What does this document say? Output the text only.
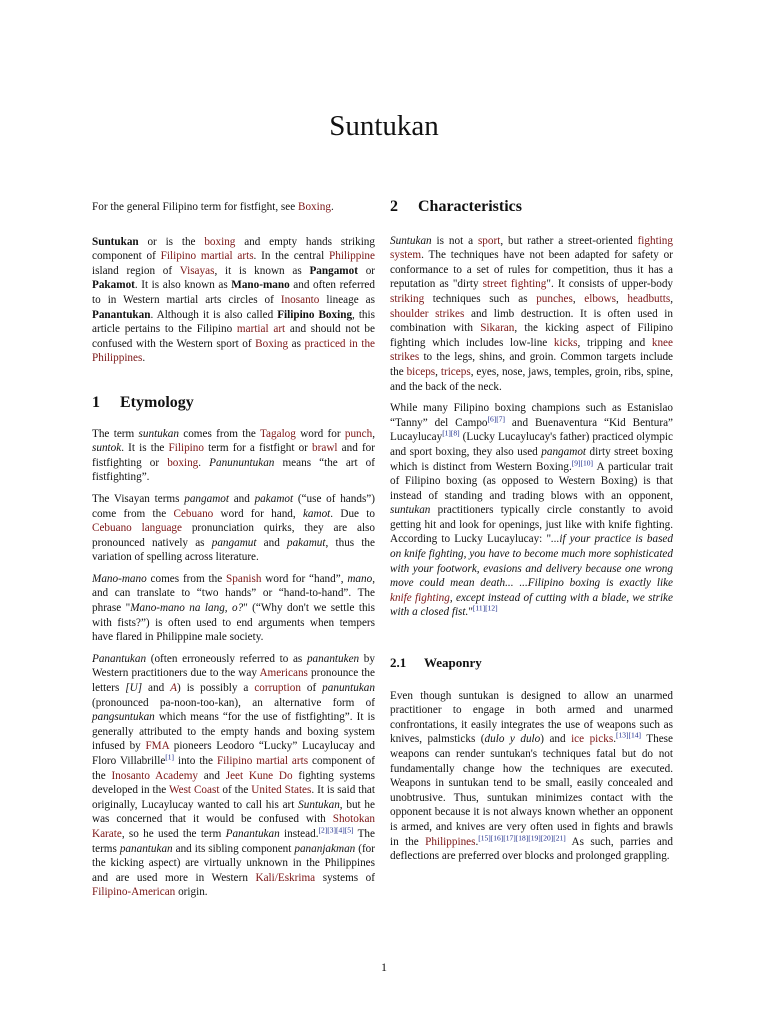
Suntukan

For the general Filipino term for fistfight, see Boxing.

Suntukan or is the boxing and empty hands striking component of Filipino martial arts. In the central Philippine island region of Visayas, it is known as Pangamot or Pakamot. It is also known as Mano-mano and often referred to in Western martial arts circles of Inosanto lineage as Panantukan. Although it is also called Filipino Boxing, this article pertains to the Filipino martial art and should not be confused with the Western sport of Boxing as practiced in the Philippines.

1 Etymology

The term suntukan comes from the Tagalog word for punch, suntok. It is the Filipino term for a fistfight or brawl and for fistfighting or boxing. Panununtukan means “the art of fistfighting”.

The Visayan terms pangamot and pakamot (“use of hands”) come from the Cebuano word for hand, kamot. Due to Cebuano language pronunciation quirks, they are also pronounced natively as pangamut and pakamut, thus the variation of spelling across literature.

Mano-mano comes from the Spanish word for “hand”, mano, and can translate to “two hands” or “hand-to-hand”. The phrase "Mano-mano na lang, o?" (“Why don't we settle this with fists?”) is often used to end arguments when tempers have flared in Philippine male society.

Panantukan (often erroneously referred to as panantuken by Western practitioners due to the way Americans pronounce the letters [U] and A) is possibly a corruption of panuntukan (pronounced pa-noon-too-kan), an alternative form of pangsuntukan which means “for the use of fistfighting”. It is generally attributed to the empty hands and boxing system infused by FMA pioneers Leodoro “Lucky” Lucaylucay and Floro Villabrille[1] into the Filipino martial arts component of the Inosanto Academy and Jeet Kune Do fighting systems developed in the West Coast of the United States. It is said that originally, Lucaylucay wanted to call his art Suntukan, but he was concerned that it would be confused with Shotokan Karate, so he used the term Panantukan instead.[2][3][4][5] The terms panantukan and its sibling component pananjakman (for the kicking aspect) are virtually unknown in the Philippines and are used more in Western Kali/Eskrima systems of Filipino-American origin.

2 Characteristics

Suntukan is not a sport, but rather a street-oriented fighting system. The techniques have not been adapted for safety or conformance to a set of rules for competition, thus it has a reputation as "dirty street fighting". It consists of upper-body striking techniques such as punches, elbows, headbutts, shoulder strikes and limb destruction. It is often used in combination with Sikaran, the kicking aspect of Filipino fighting which includes low-line kicks, tripping and knee strikes to the legs, shins, and groin. Common targets include the biceps, triceps, eyes, nose, jaws, temples, groin, ribs, spine, and the back of the neck.

While many Filipino boxing champions such as Estanislao “Tanny” del Campo[6][7] and Buenaventura “Kid Bentura” Lucaylucay[1][8] (Lucky Lucaylucay's father) practiced olympic and sport boxing, they also used pangamot dirty street boxing which is distinct from Western Boxing.[9][10] A particular trait of Filipino boxing (as opposed to Western Boxing) is that instead of standing and trading blows with an opponent, suntukan practitioners typically circle constantly to avoid getting hit and look for openings, just like with knife fighting. According to Lucky Lucaylucay: "...if your practice is based on knife fighting, you have to become much more sophisticated with your footwork, evasions and delivery because one wrong move could mean death... ...Filipino boxing is exactly like knife fighting, except instead of cutting with a blade, we strike with a closed fist."[11][12]

2.1 Weaponry

Even though suntukan is designed to allow an unarmed practitioner to engage in both armed and unarmed confrontations, it easily integrates the use of weapons such as knives, palmsticks (dulo y dulo) and ice picks.[13][14] These weapons can render suntukan's techniques fatal but do not fundamentally change how the techniques are executed. Weapons in suntukan tend to be small, easily concealed and unobtrusive. Thus, suntukan minimizes contact with the opponent because it is not always known whether an opponent is armed, and knives are very often used in fights and brawls in the Philippines.[15][16][17][18][19][20][21] As such, parries and deflections are preferred over blocks and prolonged grappling.

1
